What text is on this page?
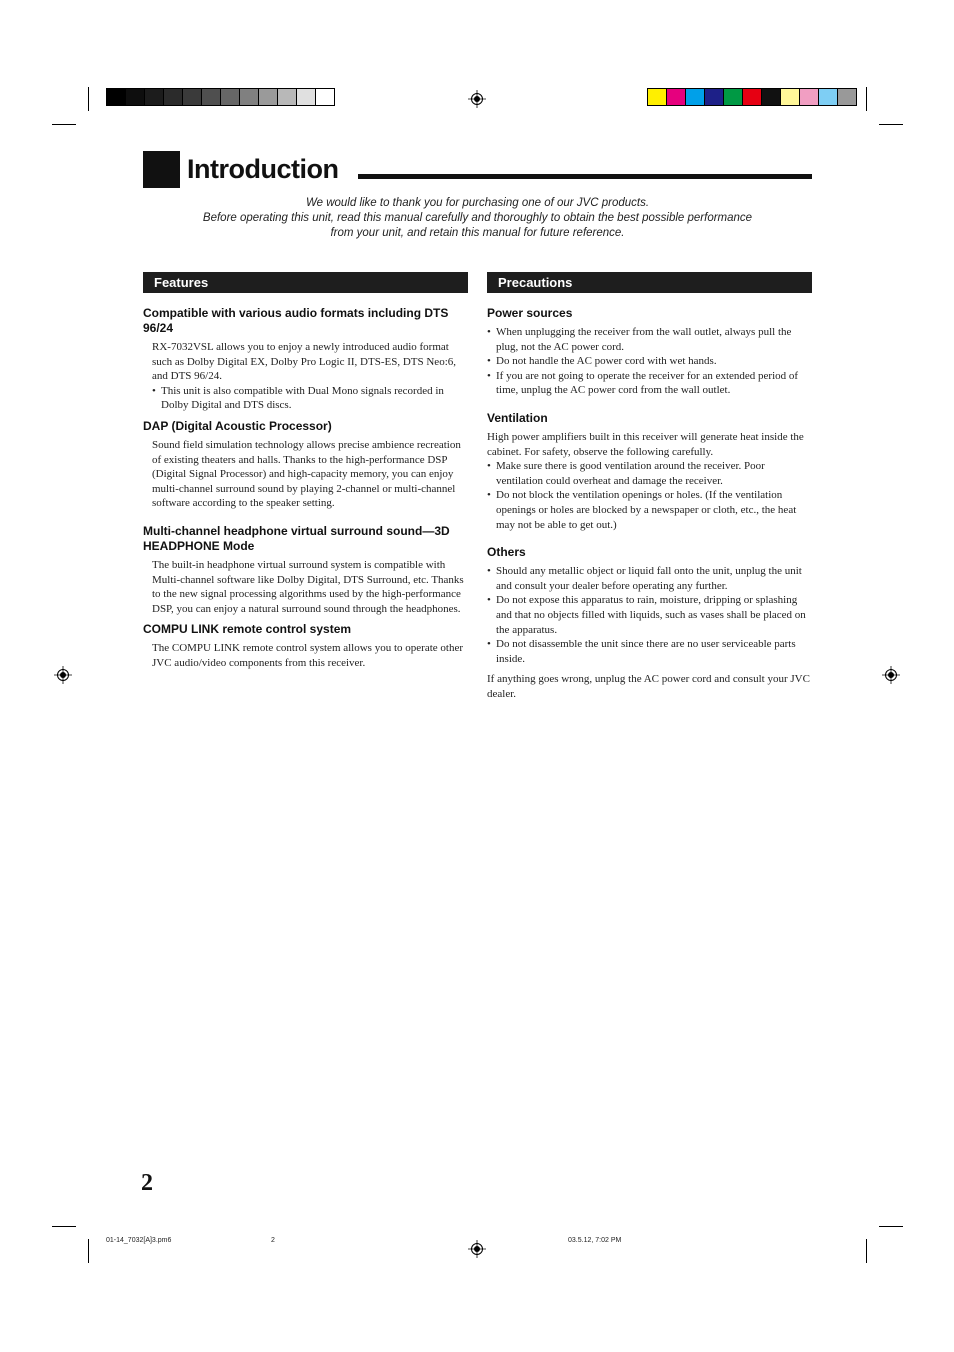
Introduction

We would like to thank you for purchasing one of our JVC products.

Before operating this unit, read this manual carefully and thoroughly to obtain the best possible performance

from your unit, and retain this manual for future reference.

Features
Compatible with various audio formats including DTS 96/24

RX-7032VSL allows you to enjoy a newly introduced audio format such as Dolby Digital EX, Dolby Pro Logic II, DTS-ES, DTS Neo:6, and DTS 96/24.

• This unit is also compatible with Dual Mono signals recorded in Dolby Digital and DTS discs.
DAP (Digital Acoustic Processor)

Sound field simulation technology allows precise ambience recreation of existing theaters and halls. Thanks to the high-performance DSP (Digital Signal Processor) and high-capacity memory, you can enjoy multi-channel surround sound by playing 2-channel or multi-channel software according to the speaker setting.

Multi-channel headphone virtual surround sound—3D HEADPHONE Mode

The built-in headphone virtual surround system is compatible with Multi-channel software like Dolby Digital, DTS Surround, etc. Thanks to the new signal processing algorithms used by the high-performance DSP, you can enjoy a natural surround sound through the headphones.

COMPU LINK remote control system

The COMPU LINK remote control system allows you to operate other JVC audio/video components from this receiver.

Precautions
Power sources
• When unplugging the receiver from the wall outlet, always pull the plug, not the AC power cord.
• Do not handle the AC power cord with wet hands.
• If you are not going to operate the receiver for an extended period of time, unplug the AC power cord from the wall outlet.
Ventilation

High power amplifiers built in this receiver will generate heat inside the cabinet. For safety, observe the following carefully.

• Make sure there is good ventilation around the receiver. Poor ventilation could overheat and damage the receiver.
• Do not block the ventilation openings or holes. (If the ventilation openings or holes are blocked by a newspaper or cloth, etc., the heat may not be able to get out.)
Others
• Should any metallic object or liquid fall onto the unit, unplug the unit and consult your dealer before operating any further.
• Do not expose this apparatus to rain, moisture, dripping or splashing and that no objects filled with liquids, such as vases shall be placed on the apparatus.
• Do not disassemble the unit since there are no user serviceable parts inside.

If anything goes wrong, unplug the AC power cord and consult your JVC dealer.

2
01-14_7032[A]3.pm6	2	03.5.12, 7:02 PM
